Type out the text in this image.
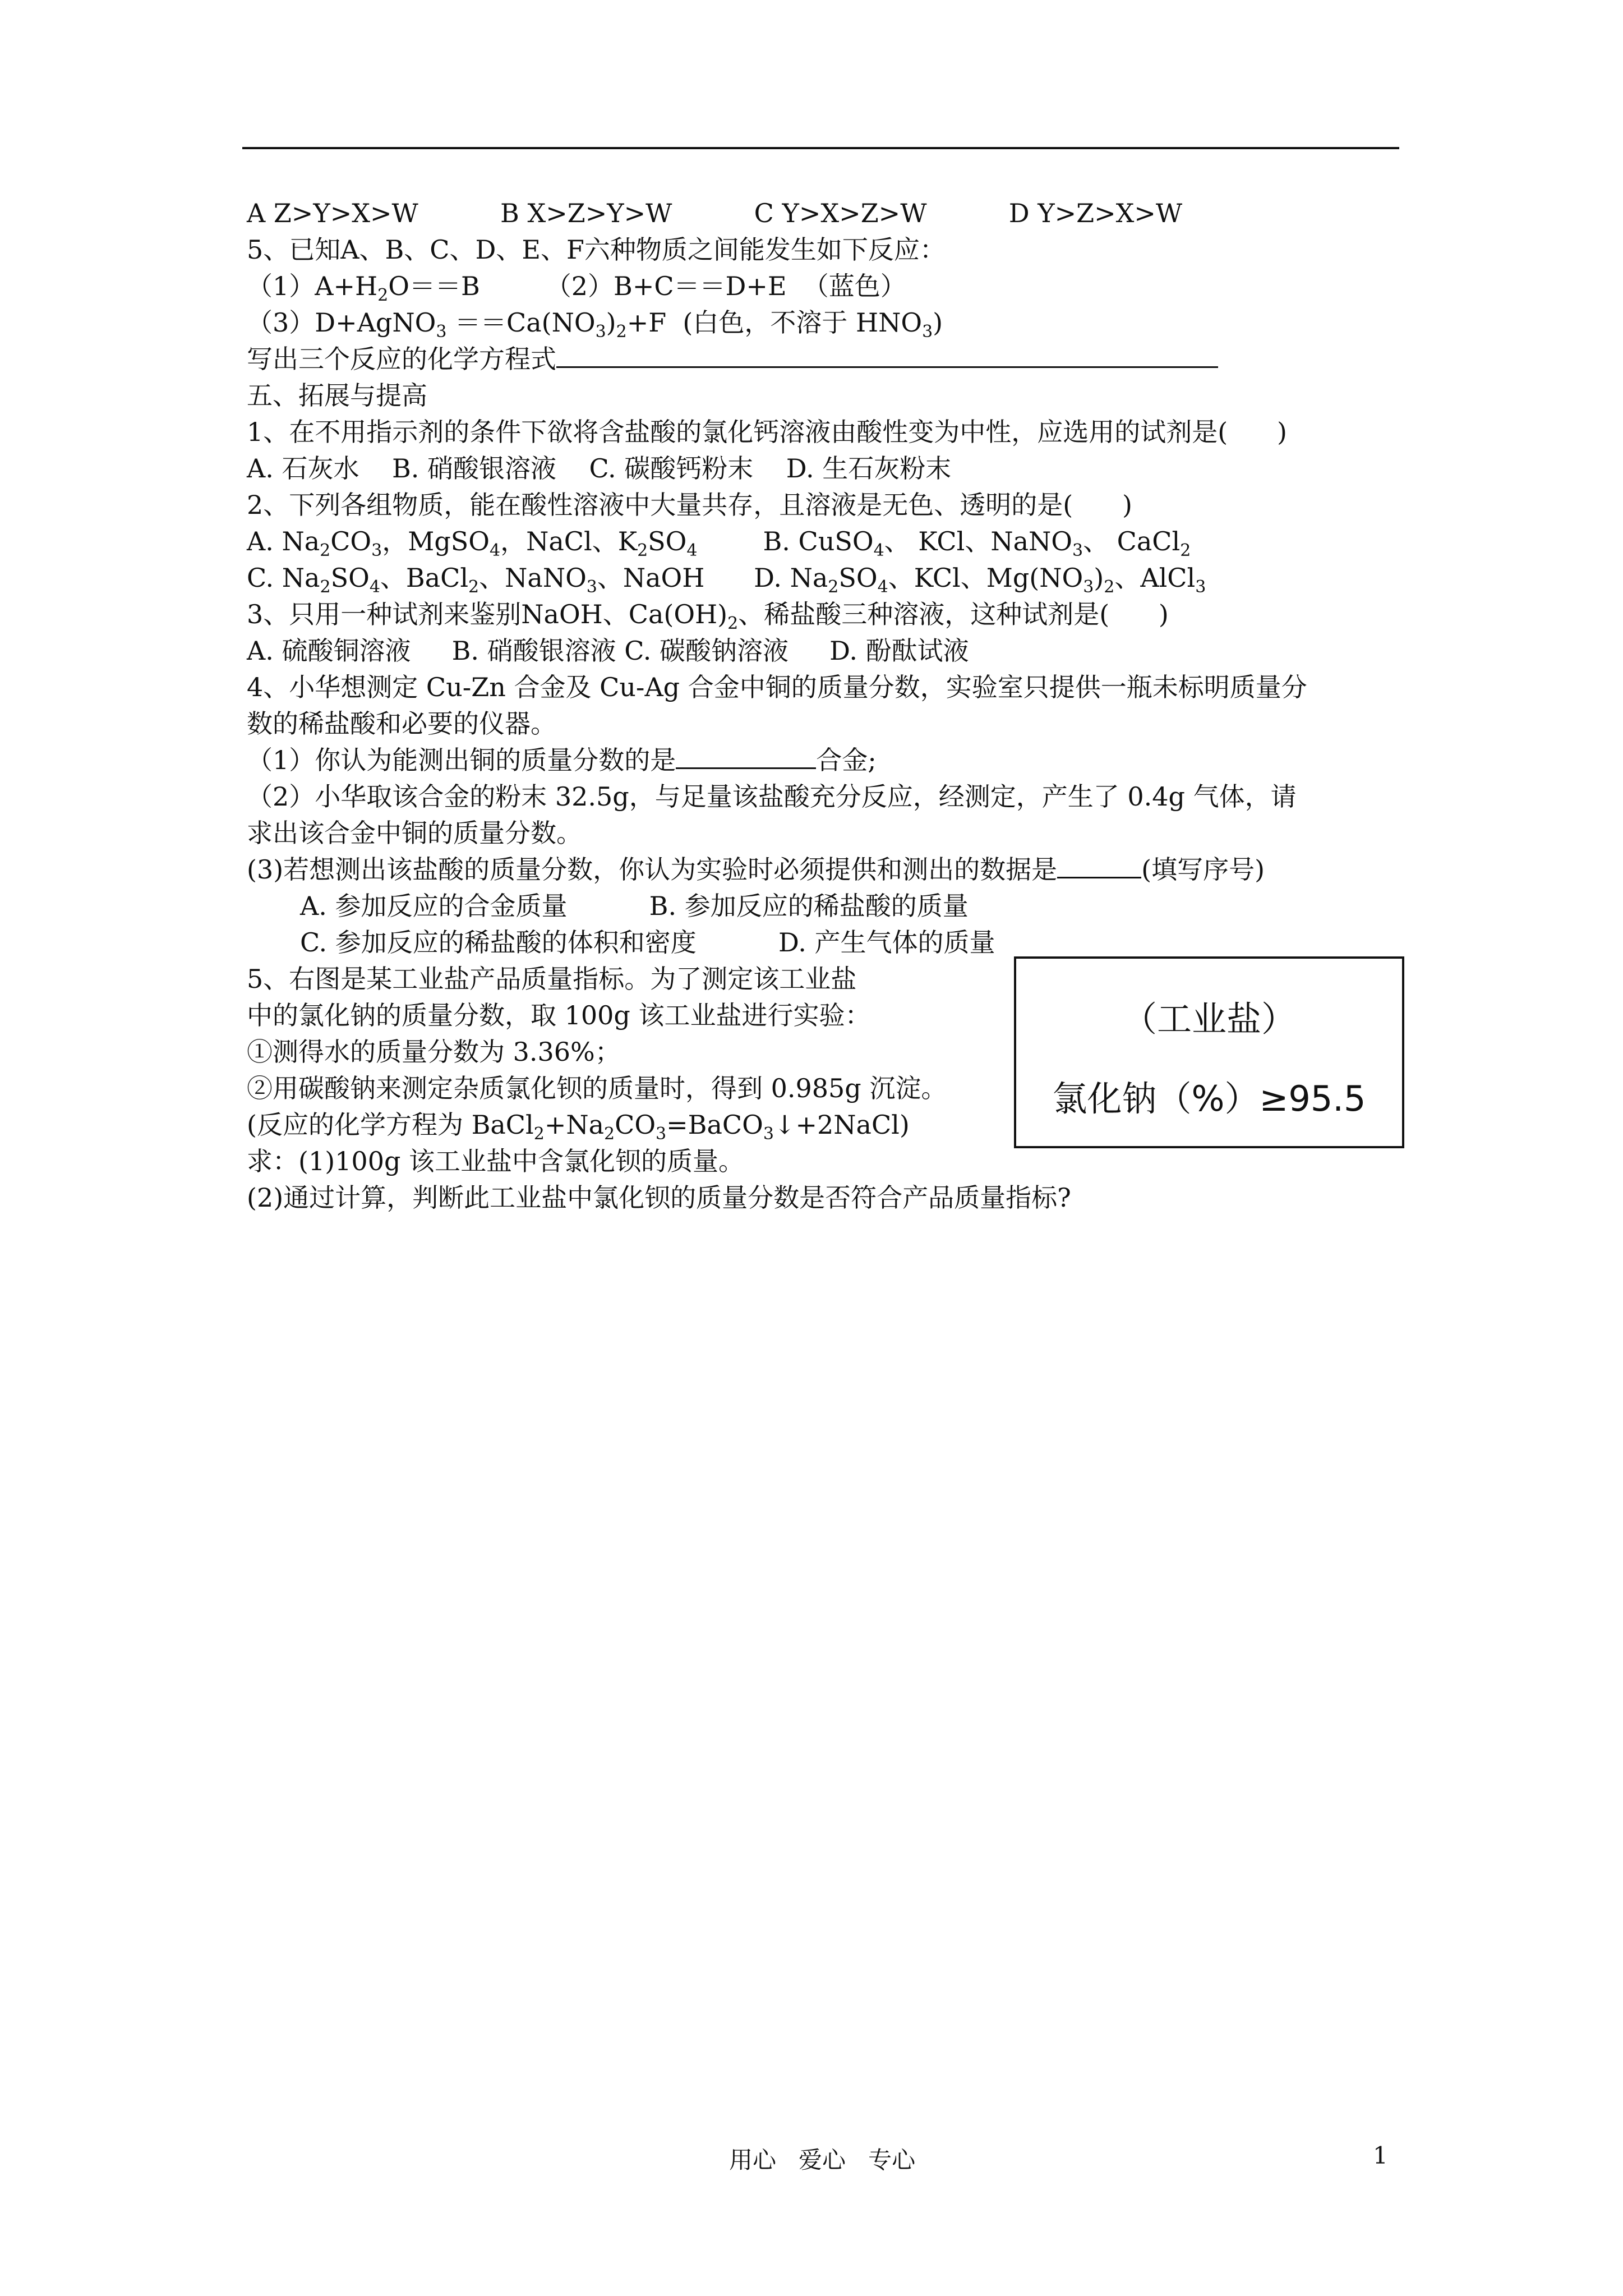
A Z>Y>X>W          B X>Z>Y>W          C Y>X>Z>W          D Y>Z>X>W
5、已知A、B、C、D、E、F六种物质之间能发生如下反应：
$(1)A+H_2O==B$        （2）B+C＝＝D+E  （蓝色）
（3）D+AgNO$_3$ $==Ca(NO_3)_2+F$  (白色，不溶于 $HNO_3$)
写出三个反应的化学方程式
五、拓展与提高
1、在不用指示剂的条件下欲将含盐酸的氯化钙溶液由酸性变为中性，应选用的试剂是(      )
A. 石灰水    B. 硝酸银溶液    C. 碳酸钙粉末    D. 生石灰粉末
2、下列各组物质，能在酸性溶液中大量共存，且溶液是无色、透明的是(      )
A. $Na_2CO_3$，MgSO$_4$，NaCl、$K_2SO_4$        B. CuSO$_4$、 KCl、NaNO$_3$、 CaCl$_2$
C. $Na_2SO_4$、BaCl$_2$、NaNO$_3$、NaOH      D. $Na_2SO_4$、KCl、$Mg(NO_3)_2$、AlCl$_3$
3、只用一种试剂来鉴别NaOH、$Ca(OH)_2$、稀盐酸三种溶液，这种试剂是(      )
A. 硫酸铜溶液     B. 硝酸银溶液 C. 碳酸钠溶液     D. 酚酞试液
4、小华想测定 Cu-Zn 合金及 Cu-Ag 合金中铜的质量分数，实验室只提供一瓶未标明质量分
数的稀盐酸和必要的仪器。
（1）你认为能测出铜的质量分数的是	合金;
（2）小华取该合金的粉末 32.5g，与足量该盐酸充分反应，经测定，产生了 0.4g 气体，请
求出该合金中铜的质量分数。
(3)若想测出该盐酸的质量分数，你认为实验时必须提供和测出的数据是	(填写序号)
A. 参加反应的合金质量          B. 参加反应的稀盐酸的质量
C. 参加反应的稀盐酸的体积和密度          D. 产生气体的质量
5、右图是某工业盐产品质量指标。为了测定该工业盐
中的氯化钠的质量分数，取 100g 该工业盐进行实验：
①测得水的质量分数为 3.36%；
②用碳酸钠来测定杂质氯化钡的质量时，得到 0.985g 沉淀。
(反应的化学方程为 $BaCl_2+Na_2CO_3=BaCO_3↓+2NaCl$)
求：(1)100g 该工业盐中含氯化钡的质量。
(2)通过计算，判断此工业盐中氯化钡的质量分数是否符合产品质量指标?
（工业盐）
氯化钠（%）≥95.5
用心   爱心   专心	1
